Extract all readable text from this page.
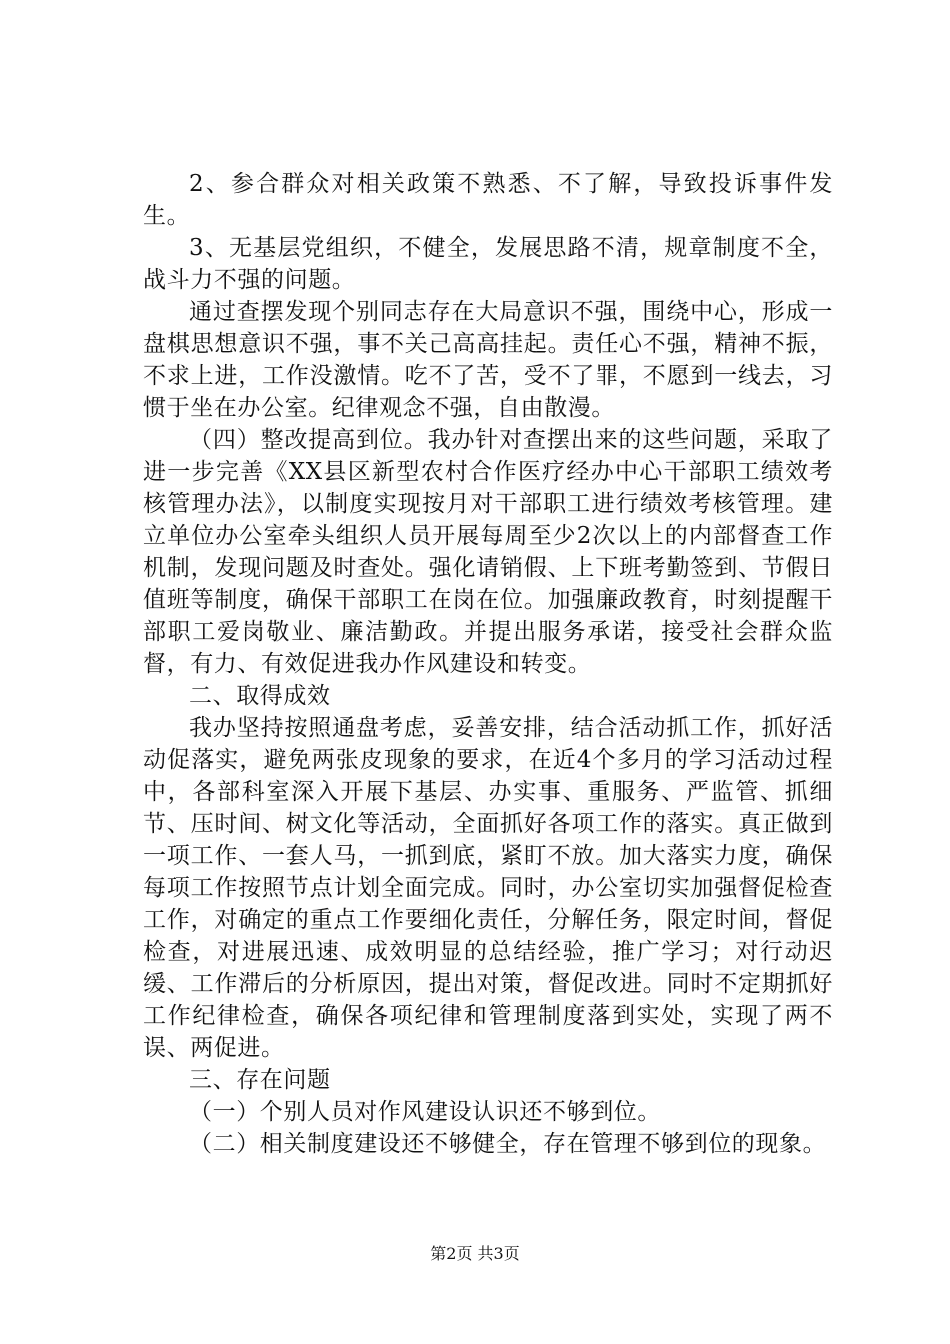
2、参合群众对相关政策不熟悉、不了解，导致投诉事件发生。

3、无基层党组织，不健全，发展思路不清，规章制度不全，战斗力不强的问题。

通过查摆发现个别同志存在大局意识不强，围绕中心，形成一盘棋思想意识不强，事不关己高高挂起。责任心不强，精神不振，不求上进，工作没激情。吃不了苦，受不了罪，不愿到一线去，习惯于坐在办公室。纪律观念不强，自由散漫。

（四）整改提高到位。我办针对查摆出来的这些问题，采取了进一步完善《XX县区新型农村合作医疗经办中心干部职工绩效考核管理办法》，以制度实现按月对干部职工进行绩效考核管理。建立单位办公室牵头组织人员开展每周至少2次以上的内部督查工作机制，发现问题及时查处。强化请销假、上下班考勤签到、节假日值班等制度，确保干部职工在岗在位。加强廉政教育，时刻提醒干部职工爱岗敬业、廉洁勤政。并提出服务承诺，接受社会群众监督，有力、有效促进我办作风建设和转变。

二、取得成效

我办坚持按照通盘考虑，妥善安排，结合活动抓工作，抓好活动促落实，避免两张皮现象的要求，在近4个多月的学习活动过程中，各部科室深入开展下基层、办实事、重服务、严监管、抓细节、压时间、树文化等活动，全面抓好各项工作的落实。真正做到一项工作、一套人马，一抓到底，紧盯不放。加大落实力度，确保每项工作按照节点计划全面完成。同时，办公室切实加强督促检查工作，对确定的重点工作要细化责任，分解任务，限定时间，督促检查，对进展迅速、成效明显的总结经验，推广学习；对行动迟缓、工作滞后的分析原因，提出对策，督促改进。同时不定期抓好工作纪律检查，确保各项纪律和管理制度落到实处，实现了两不误、两促进。

三、存在问题

（一）个别人员对作风建设认识还不够到位。

（二）相关制度建设还不够健全，存在管理不够到位的现象。

第2页 共3页
